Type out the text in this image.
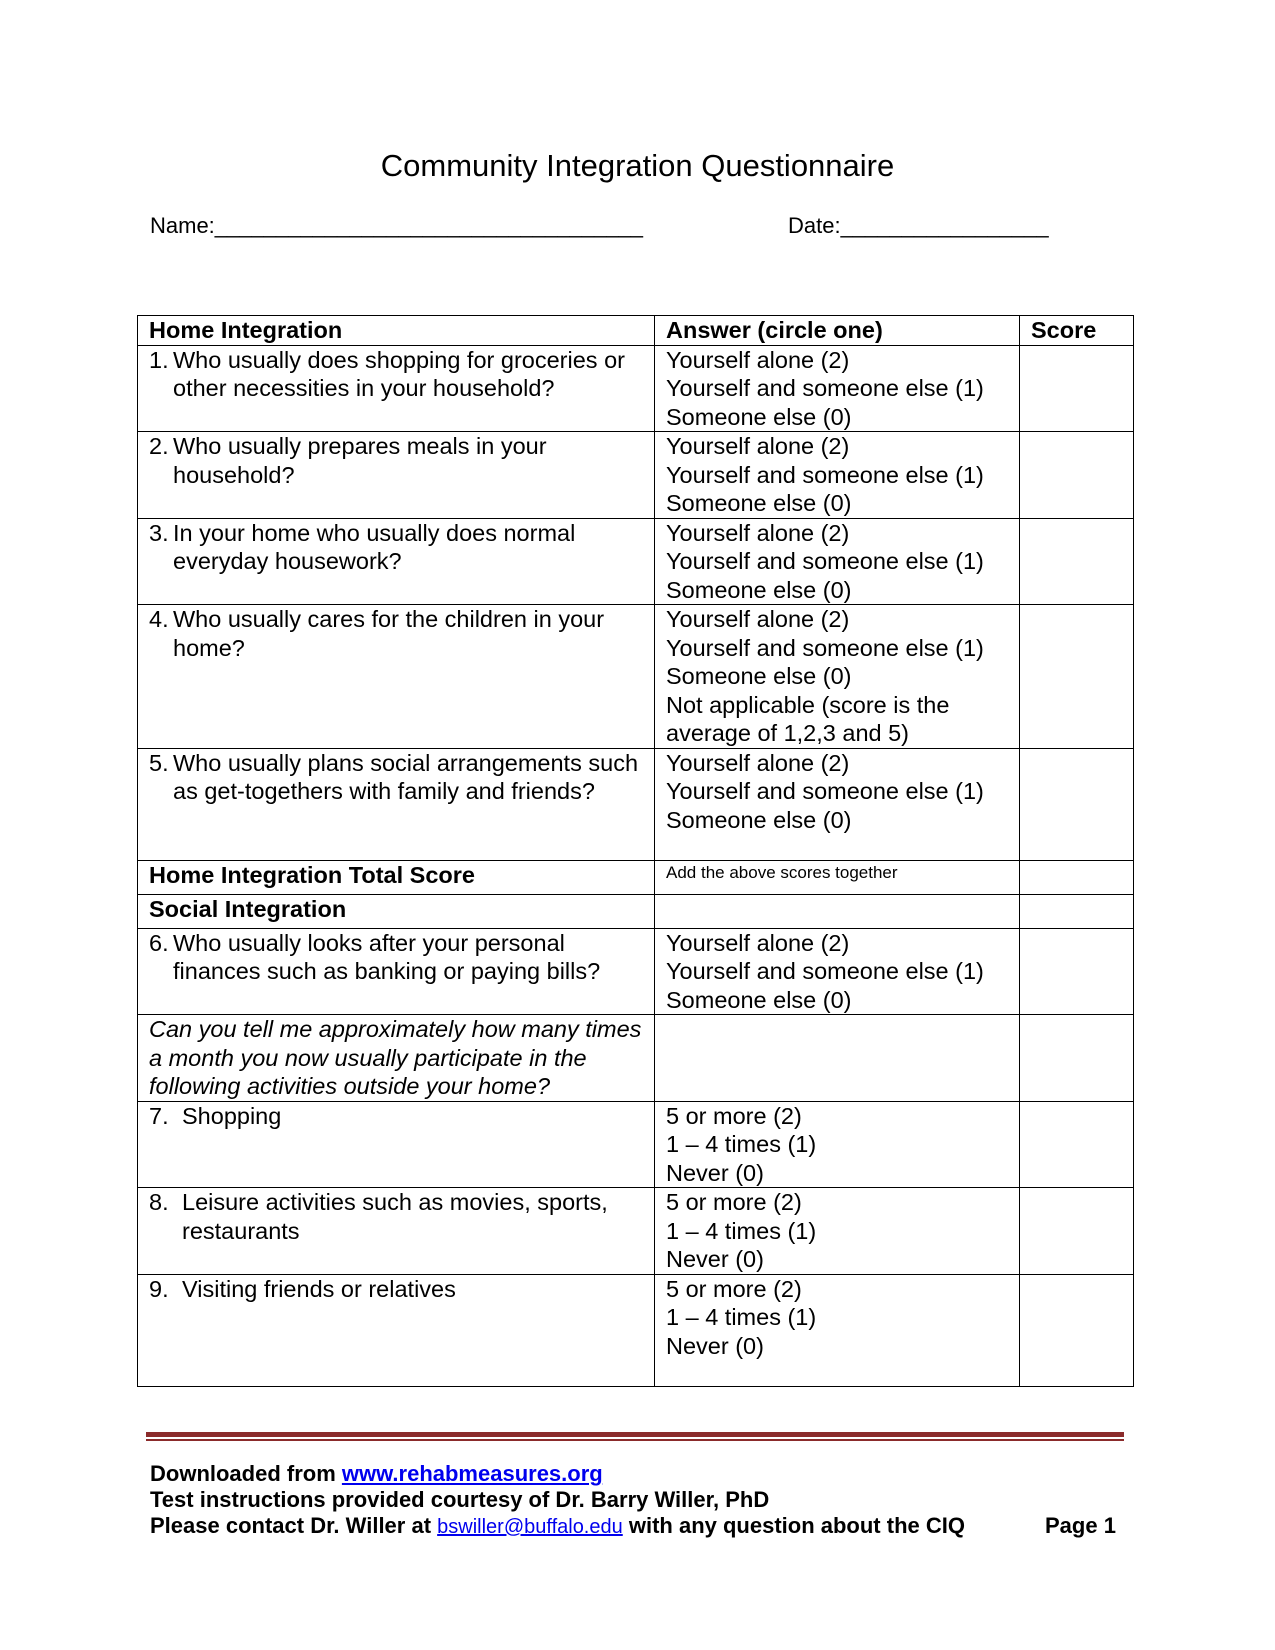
Community Integration Questionnaire
Name:___________________________________	Date:_________________
Home Integration	Answer (circle one)	Score

1. Who usually does shopping for groceries or other necessities in your household?	Yourself alone (2)
Yourself and someone else (1)
Someone else (0)	

2. Who usually prepares meals in your household?	Yourself alone (2)
Yourself and someone else (1)
Someone else (0)	

3. In your home who usually does normal everyday housework?	Yourself alone (2)
Yourself and someone else (1)
Someone else (0)	

4. Who usually cares for the children in your home?	Yourself alone (2)
Yourself and someone else (1)
Someone else (0)
Not applicable (score is the average of 1,2,3 and 5)	

5. Who usually plans social arrangements such as get-togethers with family and friends?	Yourself alone (2)
Yourself and someone else (1)
Someone else (0)	

Home Integration Total Score	Add the above scores together	
Social Integration		

6. Who usually looks after your personal finances such as banking or paying bills?	Yourself alone (2)
Yourself and someone else (1)
Someone else (0)	

Can you tell me approximately how many times a month you now usually participate in the following activities outside your home?		

7. Shopping	5 or more (2)
1 – 4 times (1)
Never (0)	

8. Leisure activities such as movies, sports, restaurants	5 or more (2)
1 – 4 times (1)
Never (0)	

9. Visiting friends or relatives	5 or more (2)
1 – 4 times (1)
Never (0)	

Downloaded from www.rehabmeasures.org
Test instructions provided courtesy of Dr. Barry Willer, PhD
Please contact Dr. Willer at bswiller@buffalo.edu with any question about the CIQ	Page 1
